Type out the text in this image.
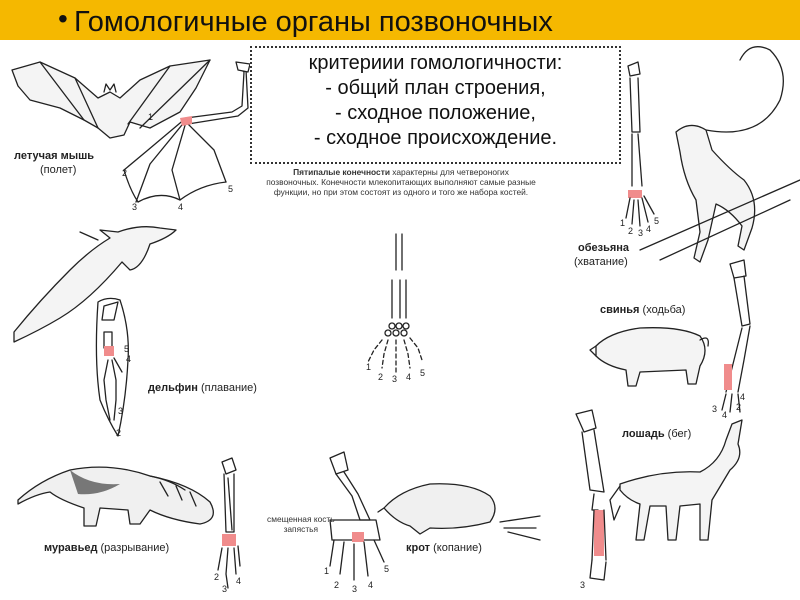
• Гомологичные органы позвоночных
критериии гомологичности:
- общий план строения,
- сходное положение,
- сходное происхождение.
Пятипалые конечности характерны для четвероногих позвоночных. Конечности млекопитающих выполняют самые разные функции, но при этом состоят из одного и того же набора костей.
летучая мышь
(полет)
дельфин (плавание)
муравьед (разрывание)	крот (копание)
обезьяна
(хватание)
свинья (ходьба)
лошадь (бег)
смещенная кость
запястья
2
1
3	4
5
5
4
3
2
1
2 3 4 5
1
2 3 4
5
3
4
4
2
3
2
3
4
1
2 3 4
5
